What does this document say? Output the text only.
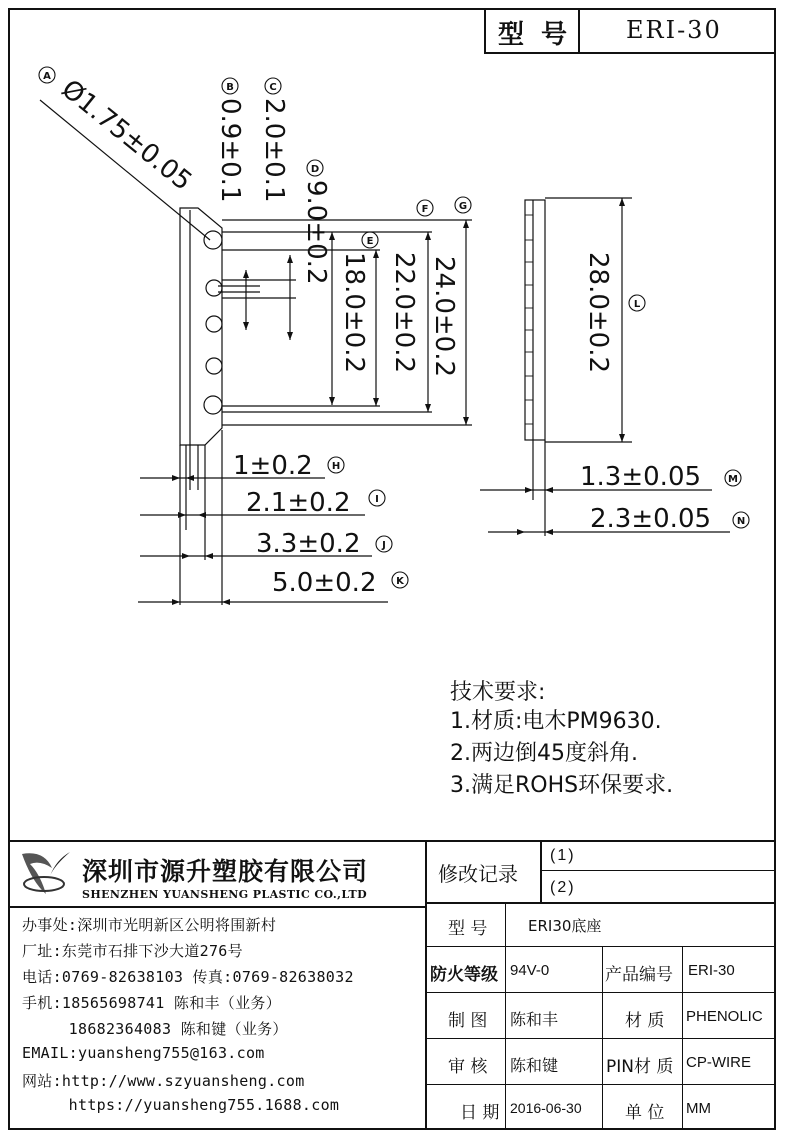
型 号 ERI-30
Ø1.75±0.05 0.9±0.1 2.0±0.1
9.0±0.2
18.0±0.2 22.0±0.2 24.0±0.2	28.0±0.2
1±0.2
2.1±0.2
3.3±0.2
5.0±0.2
1.3±0.05
2.3±0.05
A
B	C
D
E
F	G
H
I
J
K
L
M
N
技术要求:
1.材质:电木PM9630.
2.两边倒45度斜角.
3.满足ROHS环保要求.
深圳市源升塑胶有限公司
SHENZHEN YUANSHENG PLASTIC CO.,LTD
办事处:深圳市光明新区公明将围新村
厂址:东莞市石排下沙大道276号
电话:0769-82638103 传真:0769-82638032
手机:18565698741 陈和丰（业务）
18682364083 陈和键（业务）
EMAIL:yuansheng755@163.com
网站:http://www.szyuansheng.com
https://yuansheng755.1688.com
修改记录
(1)
(2)
型 号	ERI30底座
防火等级 94V-0	产品编号 ERI-30
制 图 陈和丰	材 质 PHENOLIC
审 核 陈和键	PIN材 质 CP-WIRE
日 期 2016-06-30	单 位 MM
